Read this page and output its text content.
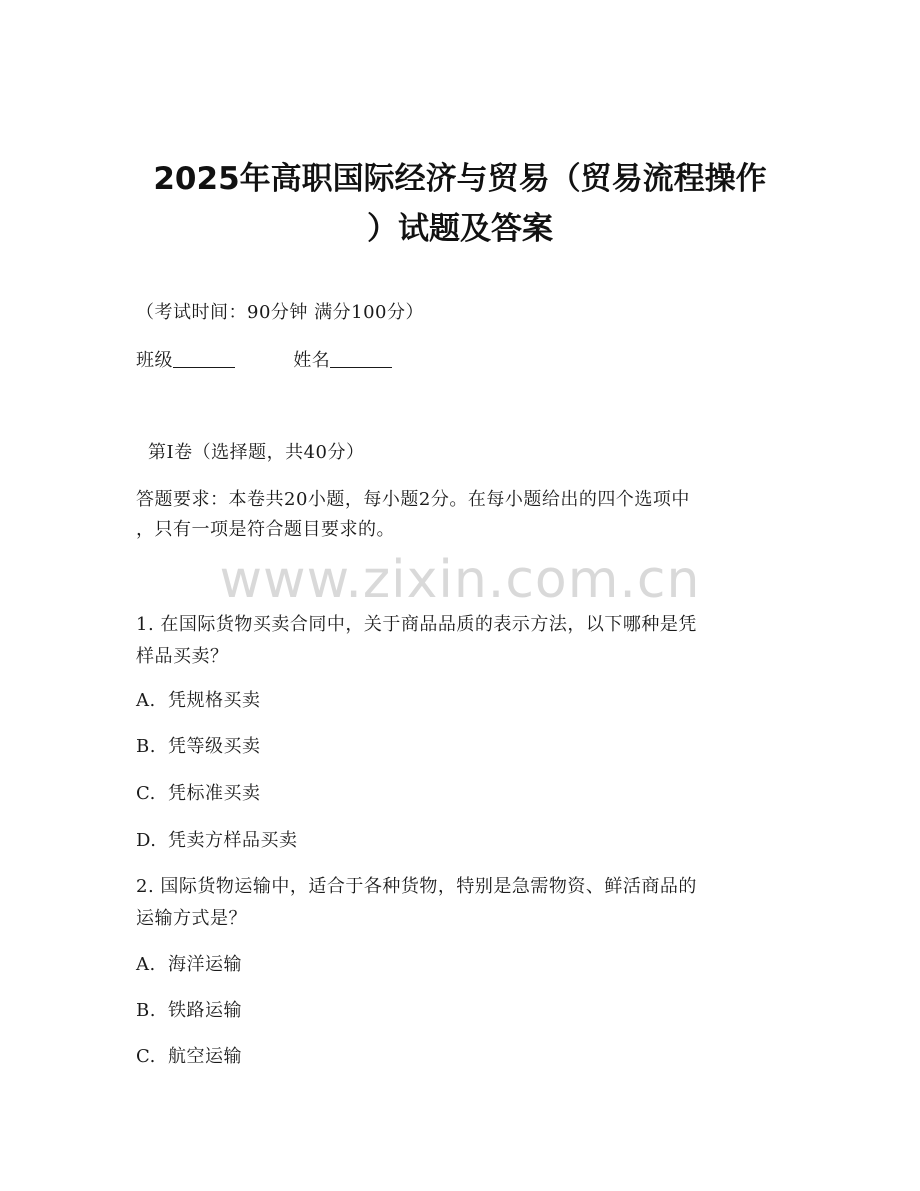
2025年高职国际经济与贸易（贸易流程操作
）试题及答案
（考试时间：90分钟 满分100分）
班级	姓名
第I卷（选择题，共40分）
答题要求：本卷共20小题，每小题2分。在每小题给出的四个选项中
，只有一项是符合题目要求的。
www.zixin.com.cn
1. 在国际货物买卖合同中，关于商品品质的表示方法，以下哪种是凭
样品买卖？
A. 凭规格买卖
B. 凭等级买卖
C. 凭标准买卖
D. 凭卖方样品买卖
2. 国际货物运输中，适合于各种货物，特别是急需物资、鲜活商品的
运输方式是？
A. 海洋运输
B. 铁路运输
C. 航空运输
